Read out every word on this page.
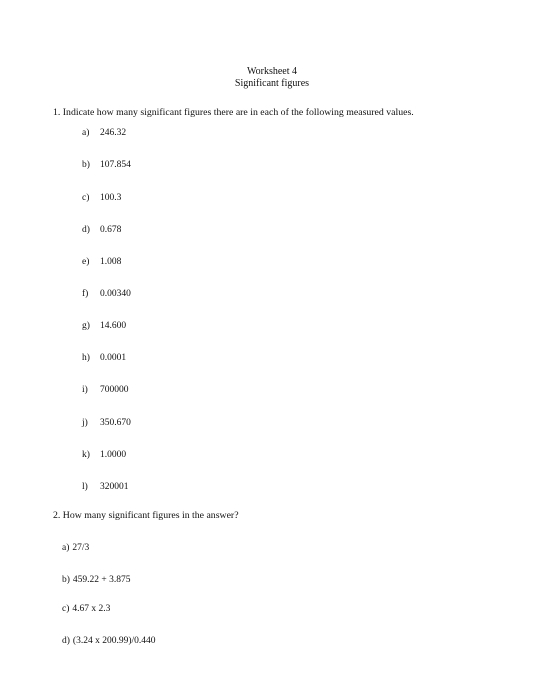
Worksheet 4
Significant figures
1. Indicate how many significant figures there are in each of the following measured values.
a) 246.32
b) 107.854
c) 100.3
d) 0.678
e) 1.008
f) 0.00340
g) 14.600
h) 0.0001
i) 700000
j) 350.670
k) 1.0000
l) 320001
2. How many significant figures in the answer?
a) 27/3
b) 459.22 + 3.875
c) 4.67 x 2.3
d) (3.24 x 200.99)/0.440
